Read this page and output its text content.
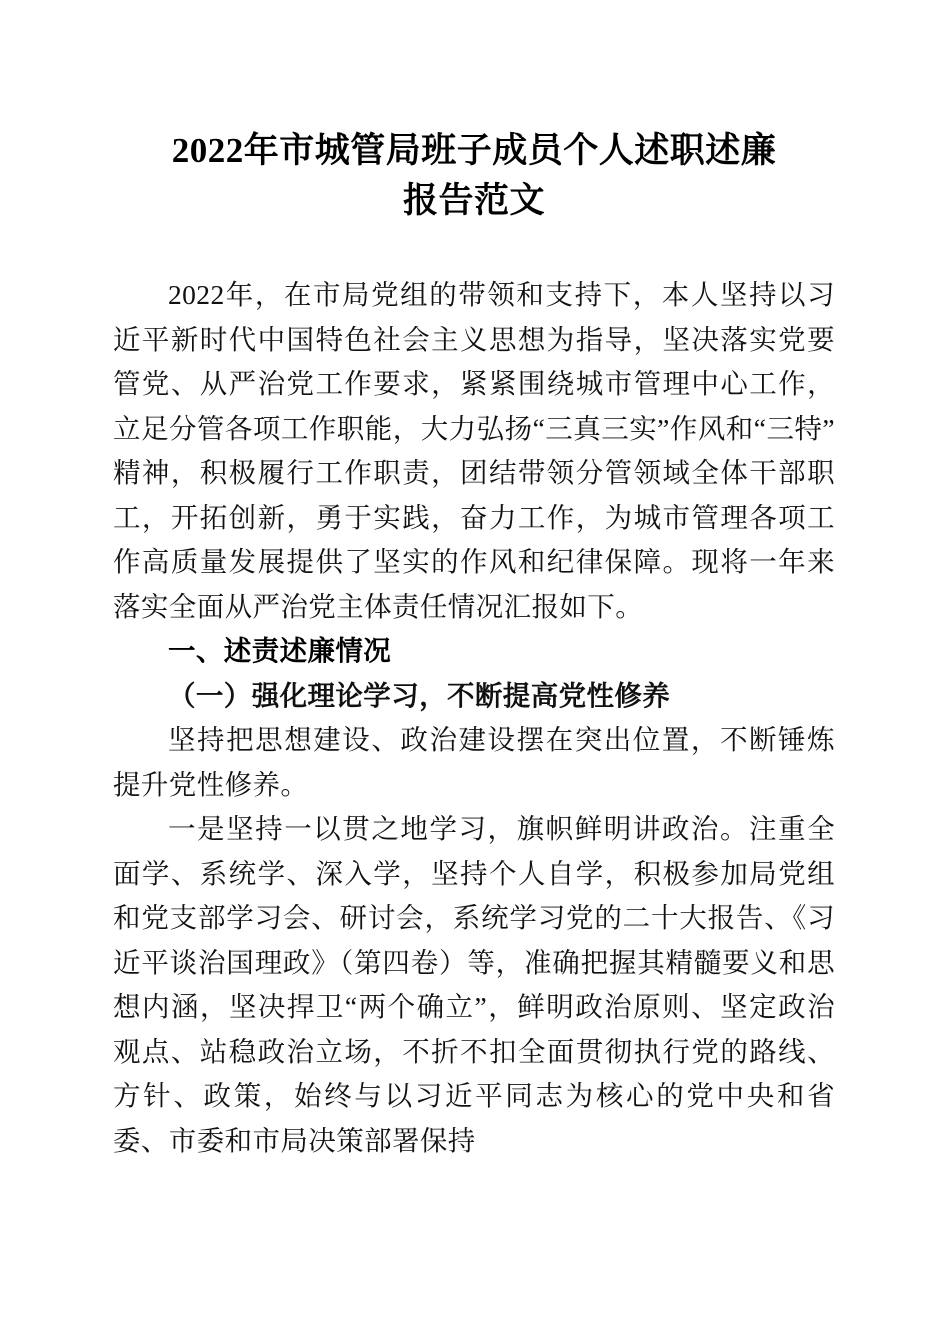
2022年市城管局班子成员个人述职述廉
报告范文

2022年，在市局党组的带领和支持下，本人坚持以习近平新时代中国特色社会主义思想为指导，坚决落实党要管党、从严治党工作要求，紧紧围绕城市管理中心工作，立足分管各项工作职能，大力弘扬“三真三实”作风和“三特”精神，积极履行工作职责，团结带领分管领域全体干部职工，开拓创新，勇于实践，奋力工作，为城市管理各项工作高质量发展提供了坚实的作风和纪律保障。现将一年来落实全面从严治党主体责任情况汇报如下。

一、述责述廉情况
（一）强化理论学习，不断提高党性修养

坚持把思想建设、政治建设摆在突出位置，不断锤炼提升党性修养。

一是坚持一以贯之地学习，旗帜鲜明讲政治。注重全面学、系统学、深入学，坚持个人自学，积极参加局党组和党支部学习会、研讨会，系统学习党的二十大报告、《习近平谈治国理政》（第四卷）等，准确把握其精髓要义和思想内涵，坚决捍卫“两个确立”，鲜明政治原则、坚定政治观点、站稳政治立场，不折不扣全面贯彻执行党的路线、方针、政策，始终与以习近平同志为核心的党中央和省委、市委和市局决策部署保持
